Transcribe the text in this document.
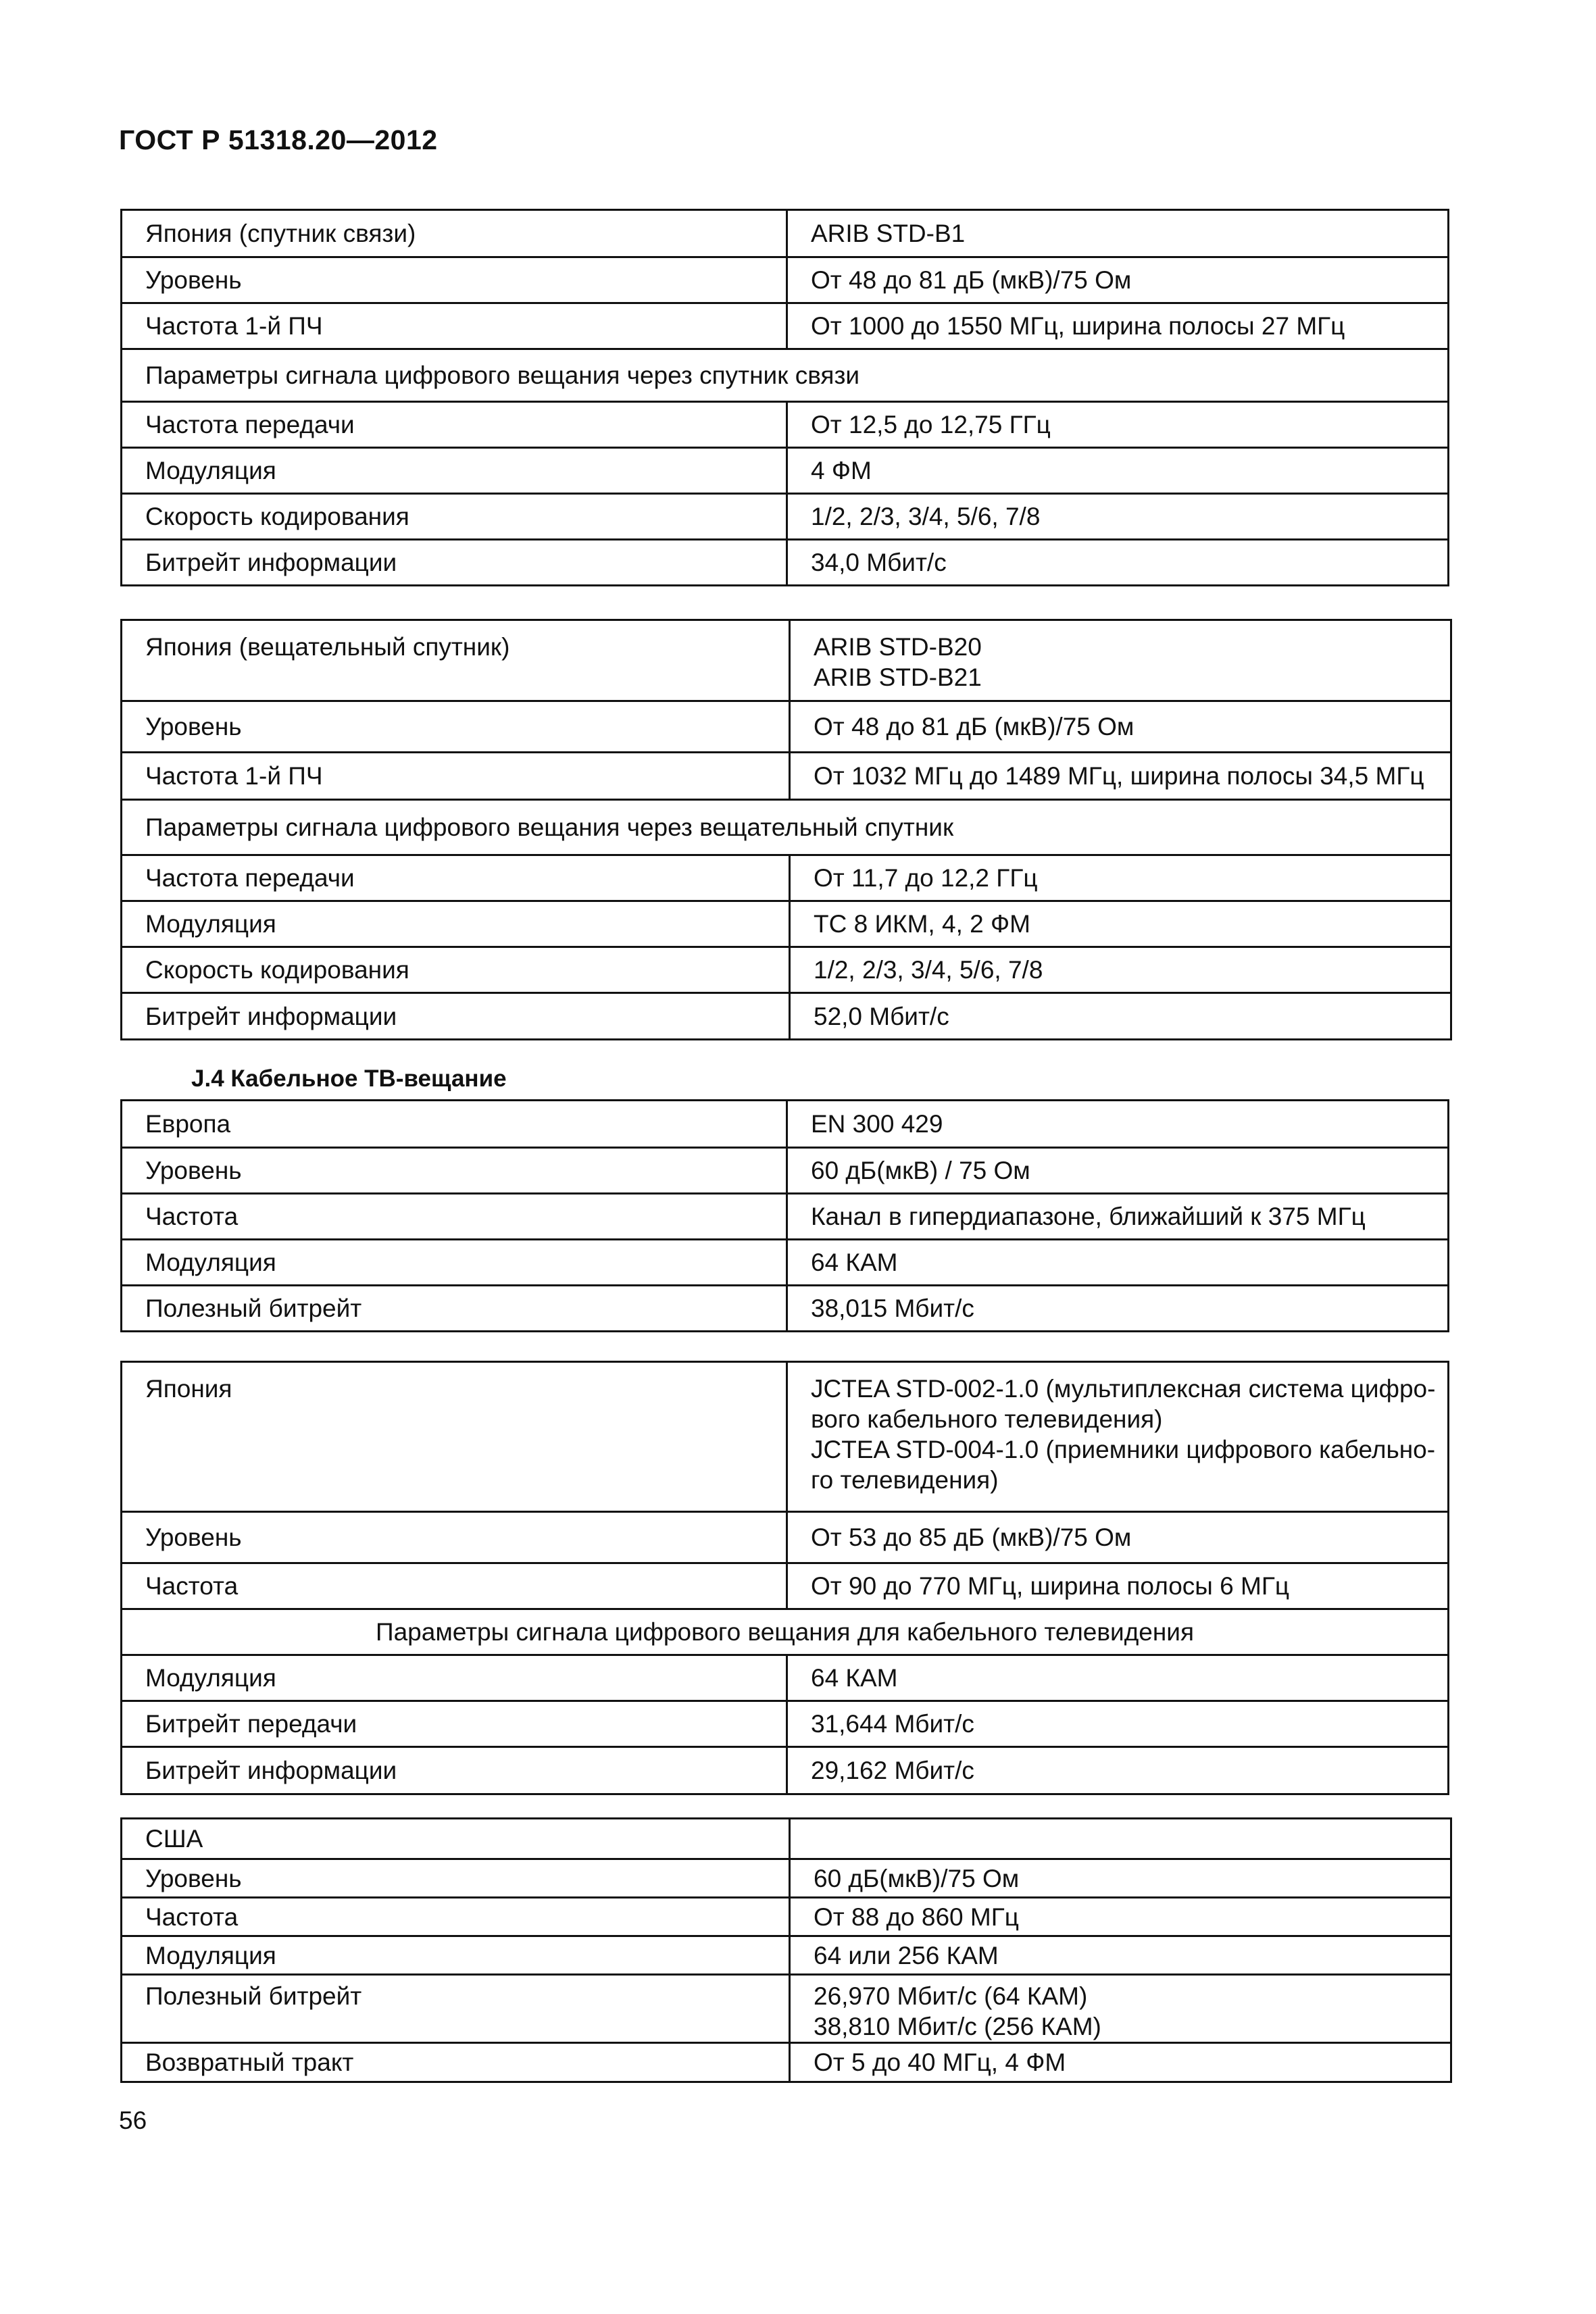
ГОСТ Р 51318.20—2012
Япония (спутник связи)	ARIB STD-B1
Уровень	От 48 до 81 дБ (мкВ)/75 Ом
Частота 1-й ПЧ	От 1000 до 1550 МГц, ширина полосы 27 МГц
Параметры сигнала цифрового вещания через спутник связи	
Частота передачи	От 12,5 до 12,75 ГГц
Модуляция	4 ФМ
Скорость кодирования	1/2, 2/3, 3/4, 5/6, 7/8
Битрейт информации	34,0 Мбит/с
Япония (вещательный спутник)	ARIB STD-B20
ARIB STD-B21

Уровень	От 48 до 81 дБ (мкВ)/75 Ом
Частота 1-й ПЧ	От 1032 МГц до 1489 МГц, ширина полосы 34,5 МГц
Параметры сигнала цифрового вещания через вещательный спутник	
Частота передачи	От 11,7 до 12,2 ГГц
Модуляция	ТС 8 ИКМ, 4, 2 ФМ
Скорость кодирования	1/2, 2/3, 3/4, 5/6, 7/8
Битрейт информации	52,0 Мбит/с
J.4 Кабельное ТВ-вещание
Европа	EN 300 429
Уровень	60 дБ(мкВ) / 75 Ом
Частота	Канал в гипердиапазоне, ближайший к 375 МГц
Модуляция	64 КАМ
Полезный битрейт	38,015 Мбит/с
Япония	JCTEA STD-002-1.0 (мультиплексная система цифро-
вого кабельного телевидения)
JCTEA STD-004-1.0 (приемники цифрового кабельно-
го телевидения)

Уровень	От 53 до 85 дБ (мкВ)/75 Ом
Частота	От 90 до 770 МГц, ширина полосы 6 МГц
Параметры сигнала цифрового вещания для кабельного телевидения	
Модуляция	64 КАМ
Битрейт передачи	31,644 Мбит/с
Битрейт информации	29,162 Мбит/с
США	
Уровень	60 дБ(мкВ)/75 Ом
Частота	От 88 до 860 МГц
Модуляция	64 или 256 КАМ
Полезный битрейт	26,970 Мбит/с (64 КАМ)
38,810 Мбит/с (256 КАМ)

Возвратный тракт	От 5 до 40 МГц, 4 ФМ
56
